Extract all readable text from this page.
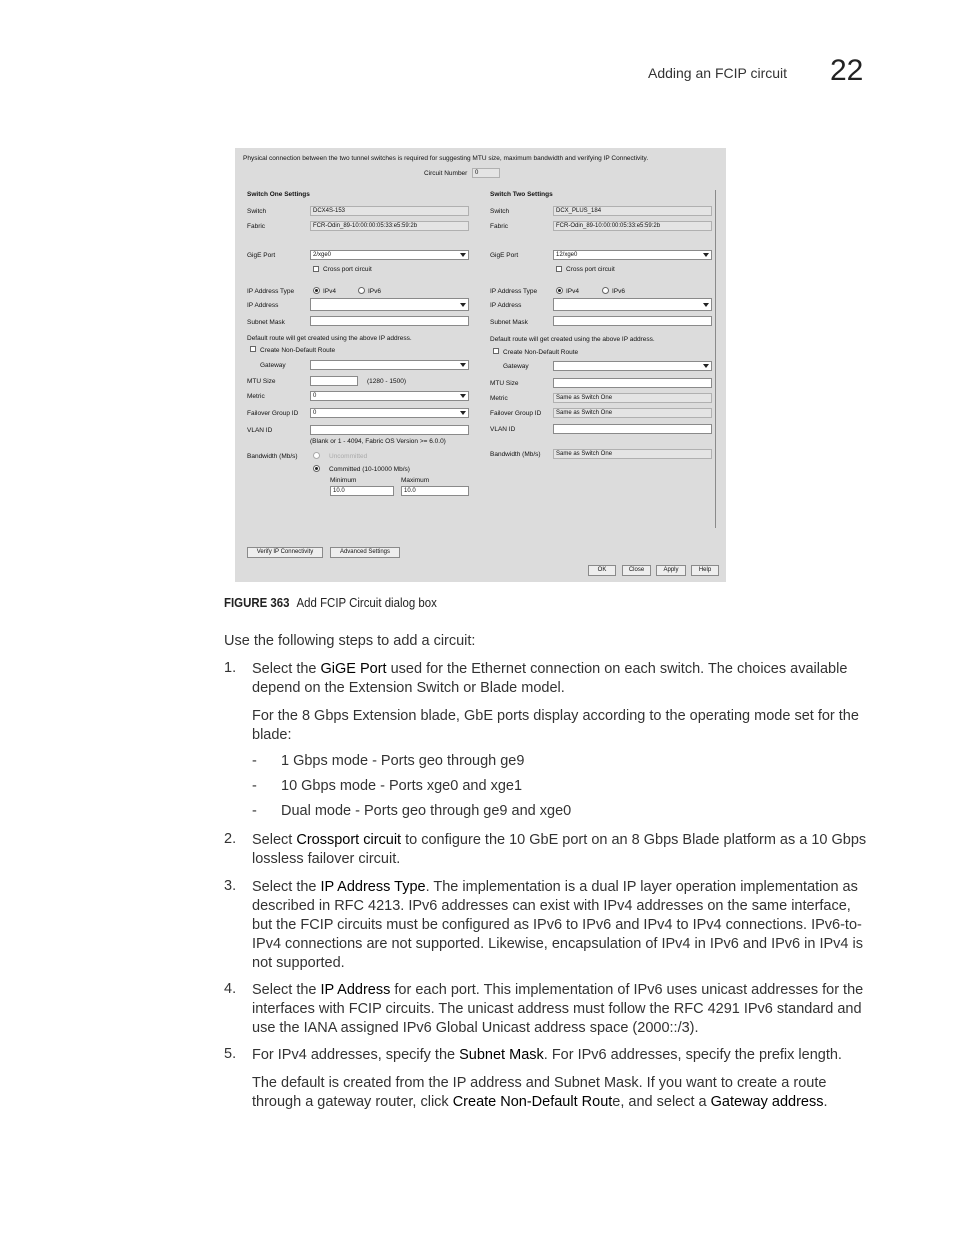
Adding an FCIP circuit 22
Physical connection between the two tunnel switches is required for suggesting MTU size, maximum bandwidth and verifying IP Connectivity.
Circuit Number	0
Switch One Settings
Switch	DCX4S-153
Fabric	FCR-Odin_89-10:00:00:05:33:e5:59:2b
GigE Port	2/xge0
Cross port circuit
IP Address Type	IPv4	IPv6
IP Address
Subnet Mask
Default route will get created using the above IP address.
Create Non-Default Route
Gateway
MTU Size	(1280 - 1500)
Metric	0
Failover Group ID	0
VLAN ID
(Blank or 1 - 4094, Fabric OS Version >= 6.0.0)
Bandwidth (Mb/s)	Uncommitted
Committed (10-10000 Mb/s)
Minimum
10.0
Maximum
10.0
Switch Two Settings
Switch	DCX_PLUS_184
Fabric	FCR-Odin_89-10:00:00:05:33:e5:59:2b
GigE Port	12/xge0
Cross port circuit
IP Address Type	IPv4	IPv6
IP Address
Subnet Mask
Default route will get created using the above IP address.
Create Non-Default Route
Gateway
MTU Size
Metric	Same as Switch One
Failover Group ID	Same as Switch One
VLAN ID
Bandwidth (Mb/s)	Same as Switch One
Verify IP Connectivity	Advanced Settings
OK	Close	Apply	Help
FIGURE 363 Add FCIP Circuit dialog box
Use the following steps to add a circuit:
1. Select the GiGE Port used for the Ethernet connection on each switch. The choices available depend on the Extension Switch or Blade model.
For the 8 Gbps Extension blade, GbE ports display according to the operating mode set for the blade:
- 1 Gbps mode - Ports geo through ge9
- 10 Gbps mode - Ports xge0 and xge1
- Dual mode - Ports geo through ge9 and xge0
2. Select Crossport circuit to configure the 10 GbE port on an 8 Gbps Blade platform as a 10 Gbps lossless failover circuit.
3. Select the IP Address Type. The implementation is a dual IP layer operation implementation as described in RFC 4213. IPv6 addresses can exist with IPv4 addresses on the same interface, but the FCIP circuits must be configured as IPv6 to IPv6 and IPv4 to IPv4 connections. IPv6-to-IPv4 connections are not supported. Likewise, encapsulation of IPv4 in IPv6 and IPv6 in IPv4 is not supported.
4. Select the IP Address for each port. This implementation of IPv6 uses unicast addresses for the interfaces with FCIP circuits. The unicast address must follow the RFC 4291 IPv6 standard and use the IANA assigned IPv6 Global Unicast address space (2000::/3).
5. For IPv4 addresses, specify the Subnet Mask. For IPv6 addresses, specify the prefix length.
The default is created from the IP address and Subnet Mask. If you want to create a route through a gateway router, click Create Non-Default Route, and select a Gateway address.
